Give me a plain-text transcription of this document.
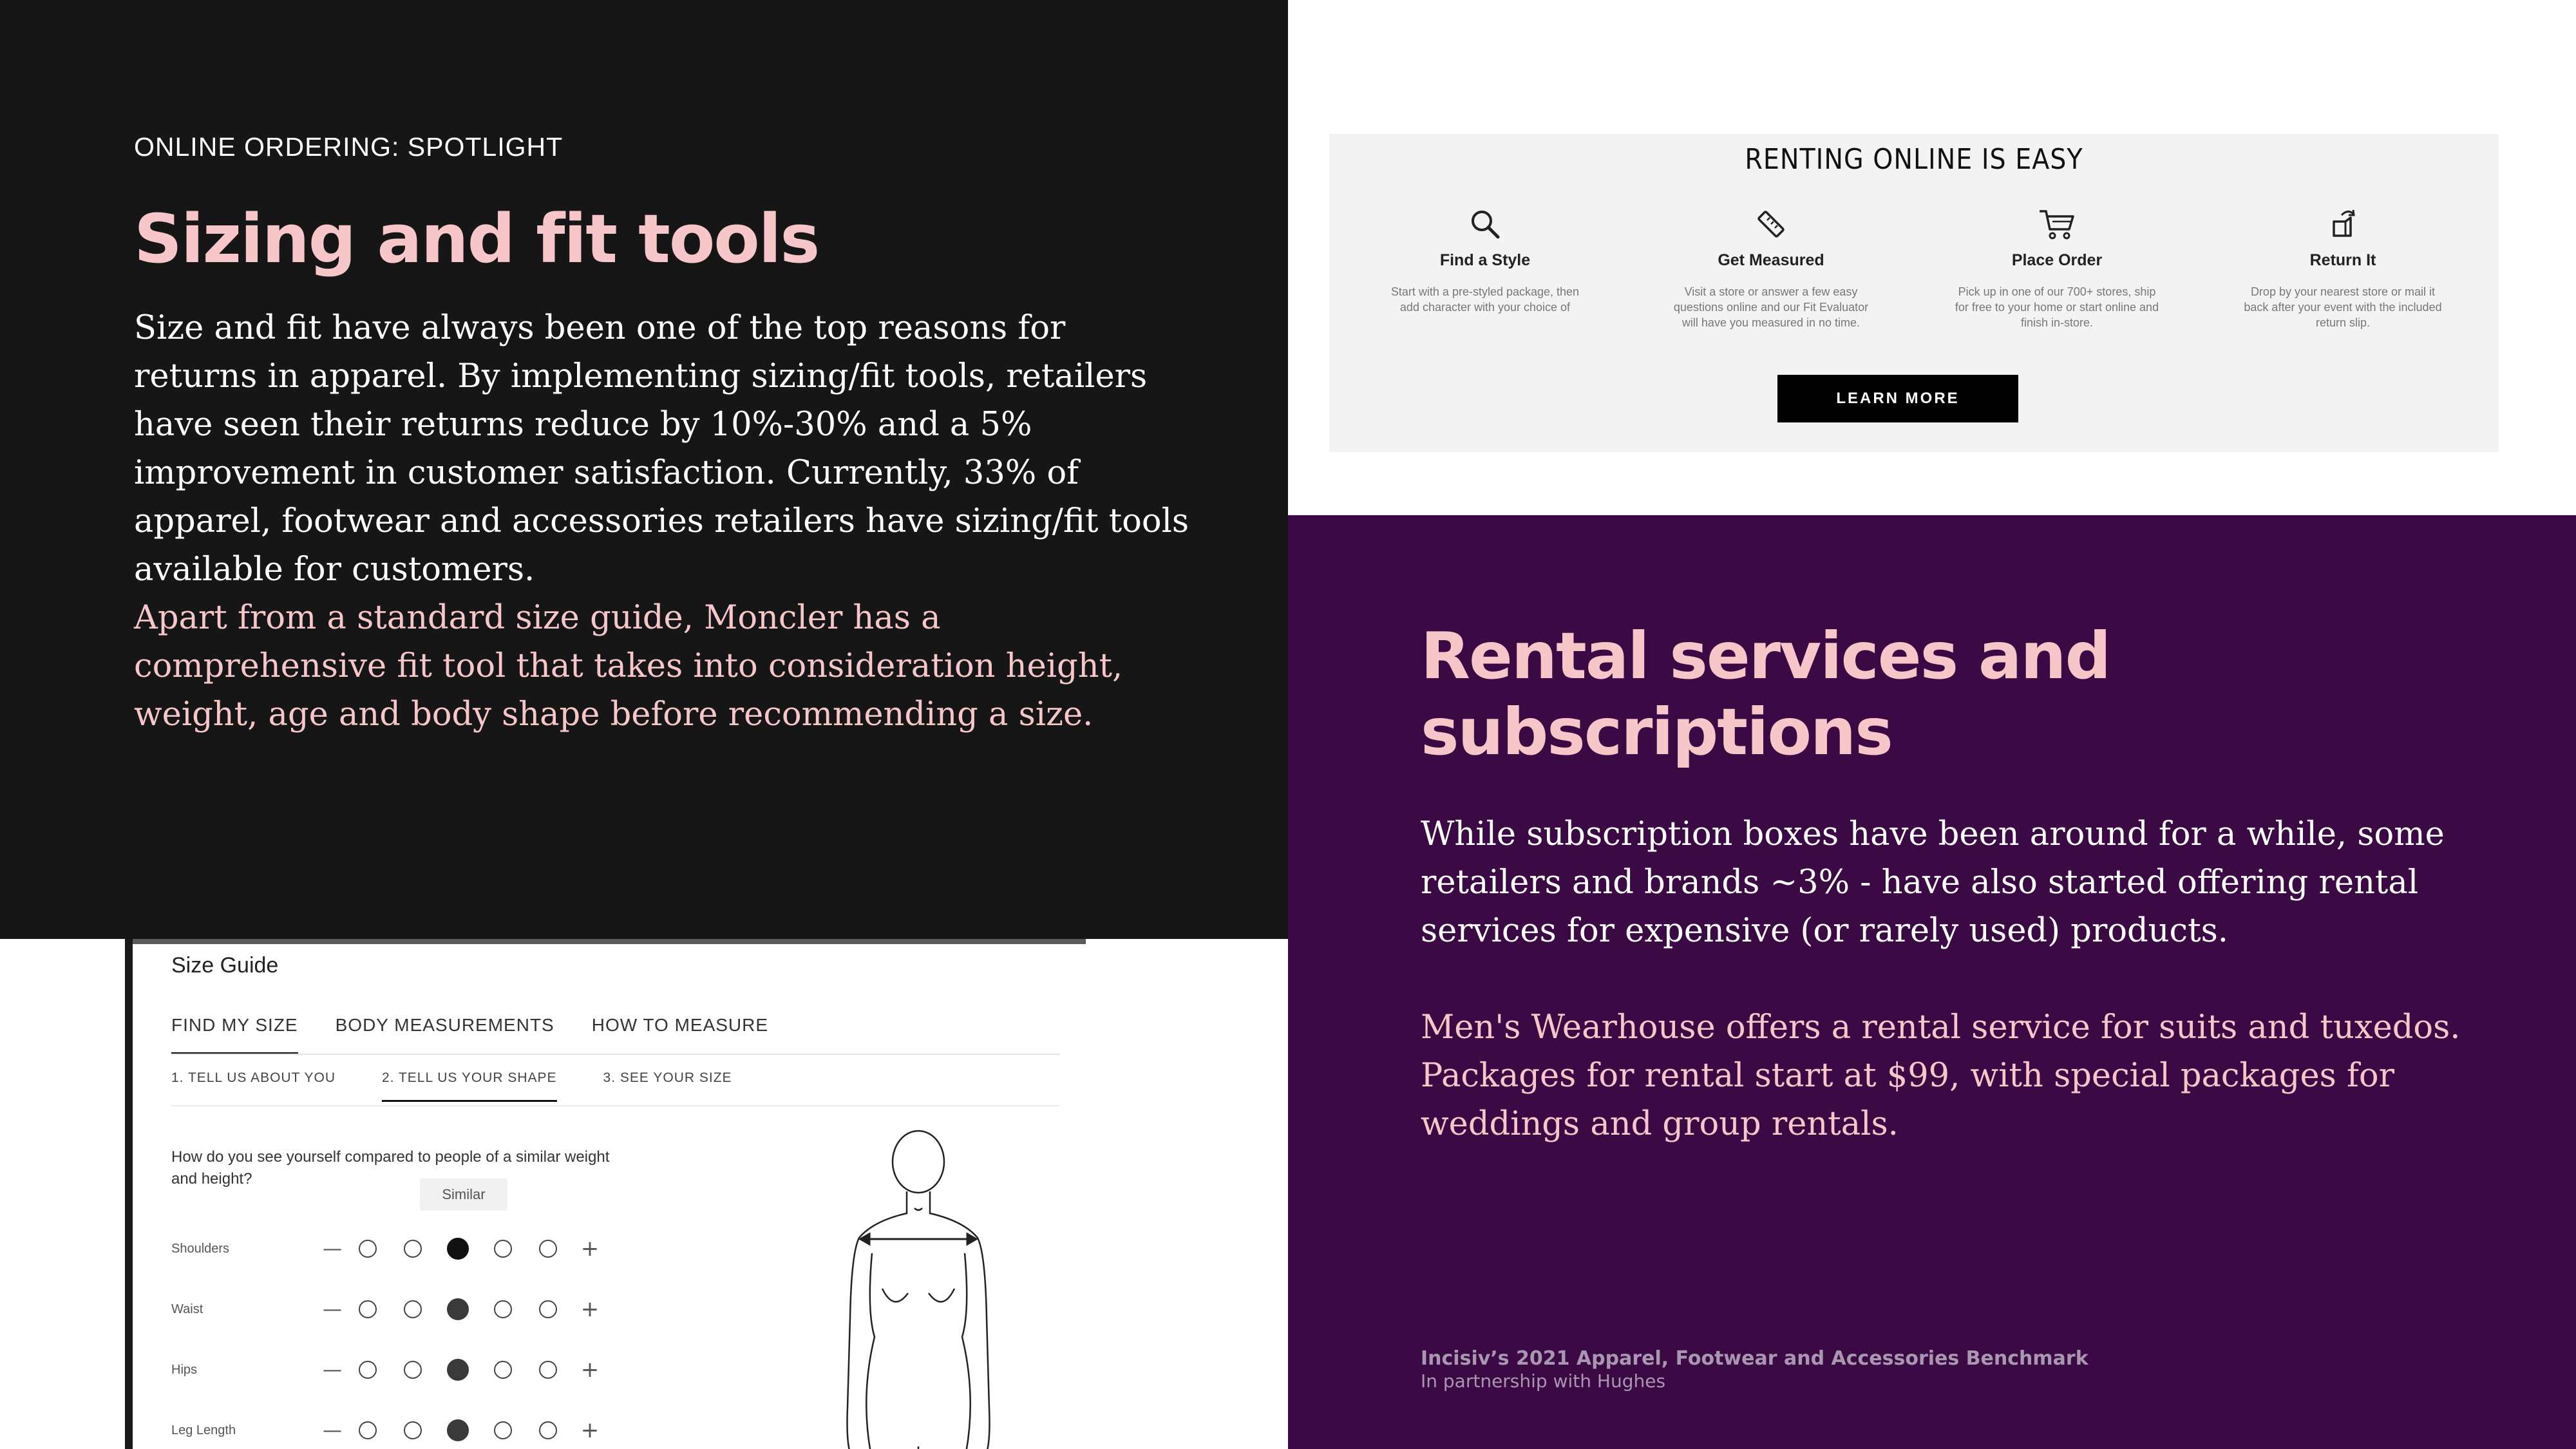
ONLINE ORDERING: SPOTLIGHT
Sizing and fit tools

Size and fit have always been one of the top reasons for returns in apparel. By implementing sizing/fit tools, retailers have seen their returns reduce by 10%-30% and a 5% improvement in customer satisfaction. Currently, 33% of apparel, footwear and accessories retailers have sizing/fit tools available for customers.

Apart from a standard size guide, Moncler has a comprehensive fit tool that takes into consideration height, weight, age and body shape before recommending a size.

Size Guide
FIND MY SIZE BODY MEASUREMENTS HOW TO MEASURE
1. TELL US ABOUT YOU	2. TELL US YOUR SHAPE	3. SEE YOUR SIZE
How do you see yourself compared to people of a similar weight and height?
Similar
Shoulders	—	+
Waist	—	+
Hips	—	+
Leg Length	—	+
RENTING ONLINE IS EASY
Find a Style
Start with a pre-styled package, then add character with your choice of
Get Measured
Visit a store or answer a few easy questions online and our Fit Evaluator will have you measured in no time.
Place Order
Pick up in one of our 700+ stores, ship for free to your home or start online and finish in-store.
Return It
Drop by your nearest store or mail it back after your event with the included return slip.
LEARN MORE
Rental services and subscriptions

While subscription boxes have been around for a while, some retailers and brands ~3% - have also started offering rental services for expensive (or rarely used) products.

Men's Wearhouse offers a rental service for suits and tuxedos. Packages for rental start at $99, with special packages for weddings and group rentals.

Incisiv’s 2021 Apparel, Footwear and Accessories Benchmark
In partnership with Hughes
